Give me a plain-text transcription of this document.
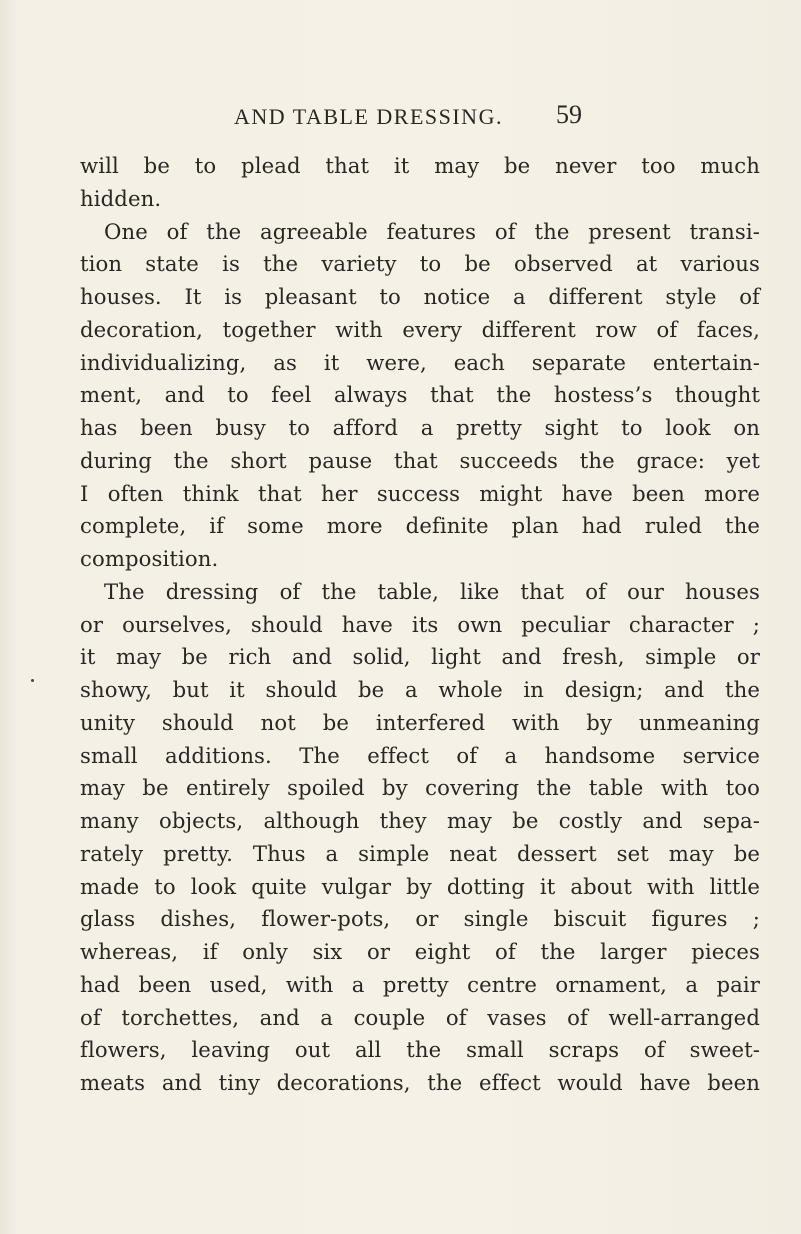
AND TABLE DRESSING. 59
will be to plead that it may be never too much
hidden.
One of the agreeable features of the present transi-
tion state is the variety to be observed at various
houses. It is pleasant to notice a different style of
decoration, together with every different row of faces,
individualizing, as it were, each separate entertain-
ment, and to feel always that the hostess’s thought
has been busy to afford a pretty sight to look on
during the short pause that succeeds the grace: yet
I often think that her success might have been more
complete, if some more definite plan had ruled the
composition.
The dressing of the table, like that of our houses
or ourselves, should have its own peculiar character ;
it may be rich and solid, light and fresh, simple or
showy, but it should be a whole in design; and the
unity should not be interfered with by unmeaning
small additions. The effect of a handsome service
may be entirely spoiled by covering the table with too
many objects, although they may be costly and sepa-
rately pretty. Thus a simple neat dessert set may be
made to look quite vulgar by dotting it about with little
glass dishes, flower-pots, or single biscuit figures ;
whereas, if only six or eight of the larger pieces
had been used, with a pretty centre ornament, a pair
of torchettes, and a couple of vases of well-arranged
flowers, leaving out all the small scraps of sweet-
meats and tiny decorations, the effect would have been
